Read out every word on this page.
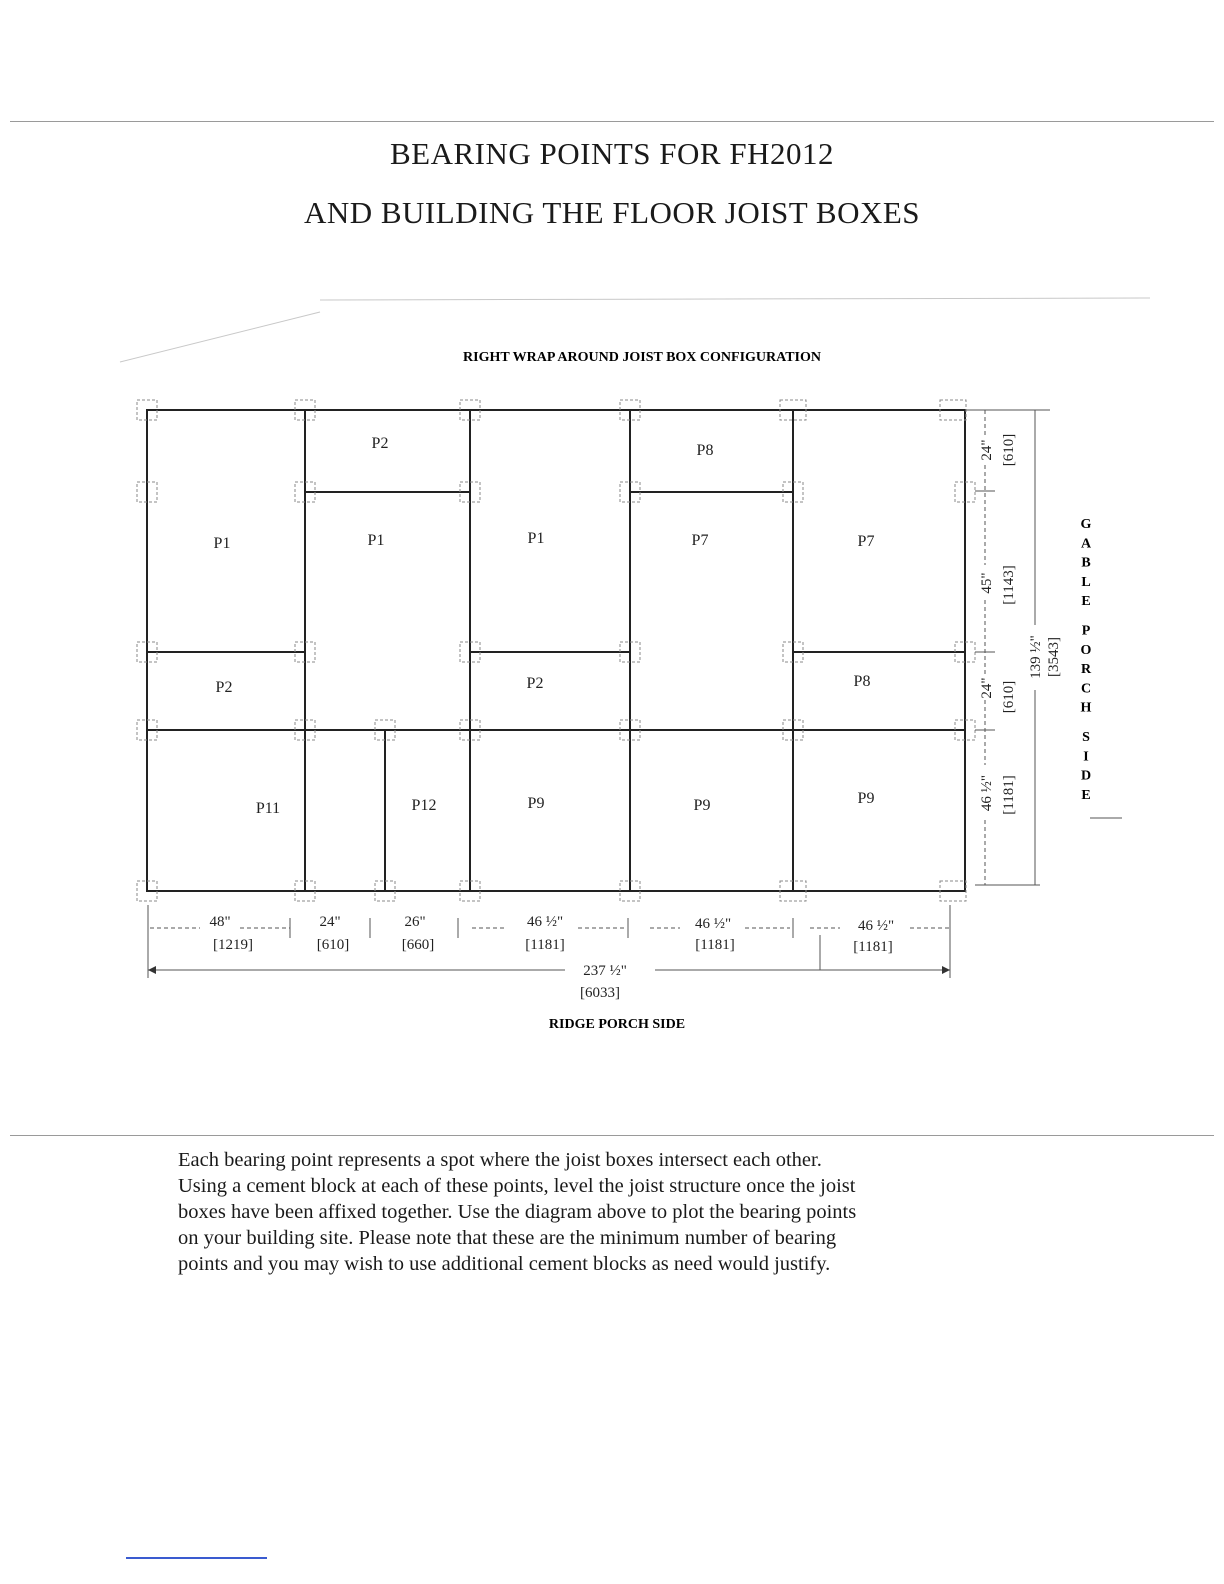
BEARING POINTS FOR FH2012
AND BUILDING THE FLOOR JOIST BOXES
RIGHT WRAP AROUND JOIST BOX CONFIGURATION
P2	P8
P1	P1	P1	P7	P7
P2	P2	P8
P11	P12	P9	P9	P9
48"
[1219]
24"
[610]
26"
[660]
46 ½"
[1181]
46 ½"
[1181]
46 ½"
[1181]
237 ½"
[6033]
RIDGE PORCH SIDE
24" [610]
45" [1143]
24" [610]
46 ½" [1181]
139 ½" [3543]
G A B L E P O R C H S I D E
Each bearing point represents a spot where the joist boxes intersect each other.
Using a cement block at each of these points, level the joist structure once the joist
boxes have been affixed together. Use the diagram above to plot the bearing points
on your building site. Please note that these are the minimum number of bearing
points and you may wish to use additional cement blocks as need would justify.
